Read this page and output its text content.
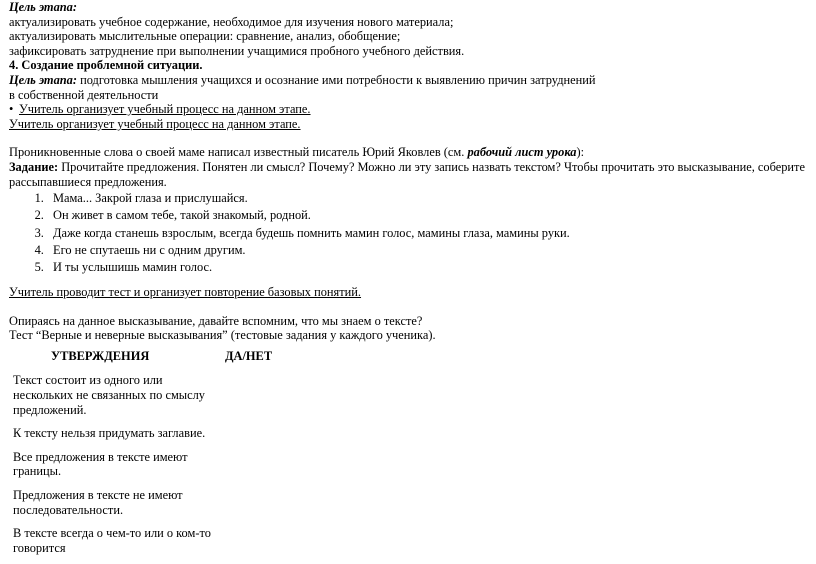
Цель этапа:

актуализировать учебное содержание, необходимое для изучения нового материала;

актуализировать мыслительные операции: сравнение, анализ, обобщение;

зафиксировать затруднение при выполнении учащимися пробного учебного действия.

4. Создание проблемной ситуации.

Цель этапа: подготовка мышления учащихся и осознание ими потребности к выявлению причин затруднений

в собственной деятельности

• Учитель организует учебный процесс на данном этапе.

Учитель организует учебный процесс на данном этапе.

Проникновенные слова о своей маме написал известный писатель Юрий Яковлев (см. рабочий лист урока):

Задание: Прочитайте предложения. Понятен ли смысл? Почему? Можно ли эту запись назвать текстом? Чтобы прочитать это высказывание, соберите рассыпавшиеся предложения.

1. Мама... Закрой глаза и прислушайся.
2. Он живет в самом тебе, такой знакомый, родной.
3. Даже когда станешь взрослым, всегда будешь помнить мамин голос, мамины глаза, мамины руки.
4. Его не спутаешь ни с одним другим.
5. И ты услышишь мамин голос.

Учитель проводит тест и организует повторение базовых понятий.

Опираясь на данное высказывание, давайте вспомним, что мы знаем о тексте?

Тест “Верные и неверные высказывания” (тестовые задания у каждого ученика).

УТВЕРЖДЕНИЯ	ДА/НЕТ
Текст состоит из одного или нескольких не связанных по смыслу предложений.	
К тексту нельзя придумать заглавие.	
Все предложения в тексте имеют границы.	
Предложения в тексте не имеют последовательности.	
В тексте всегда о чем-то или о ком-то говорится	
